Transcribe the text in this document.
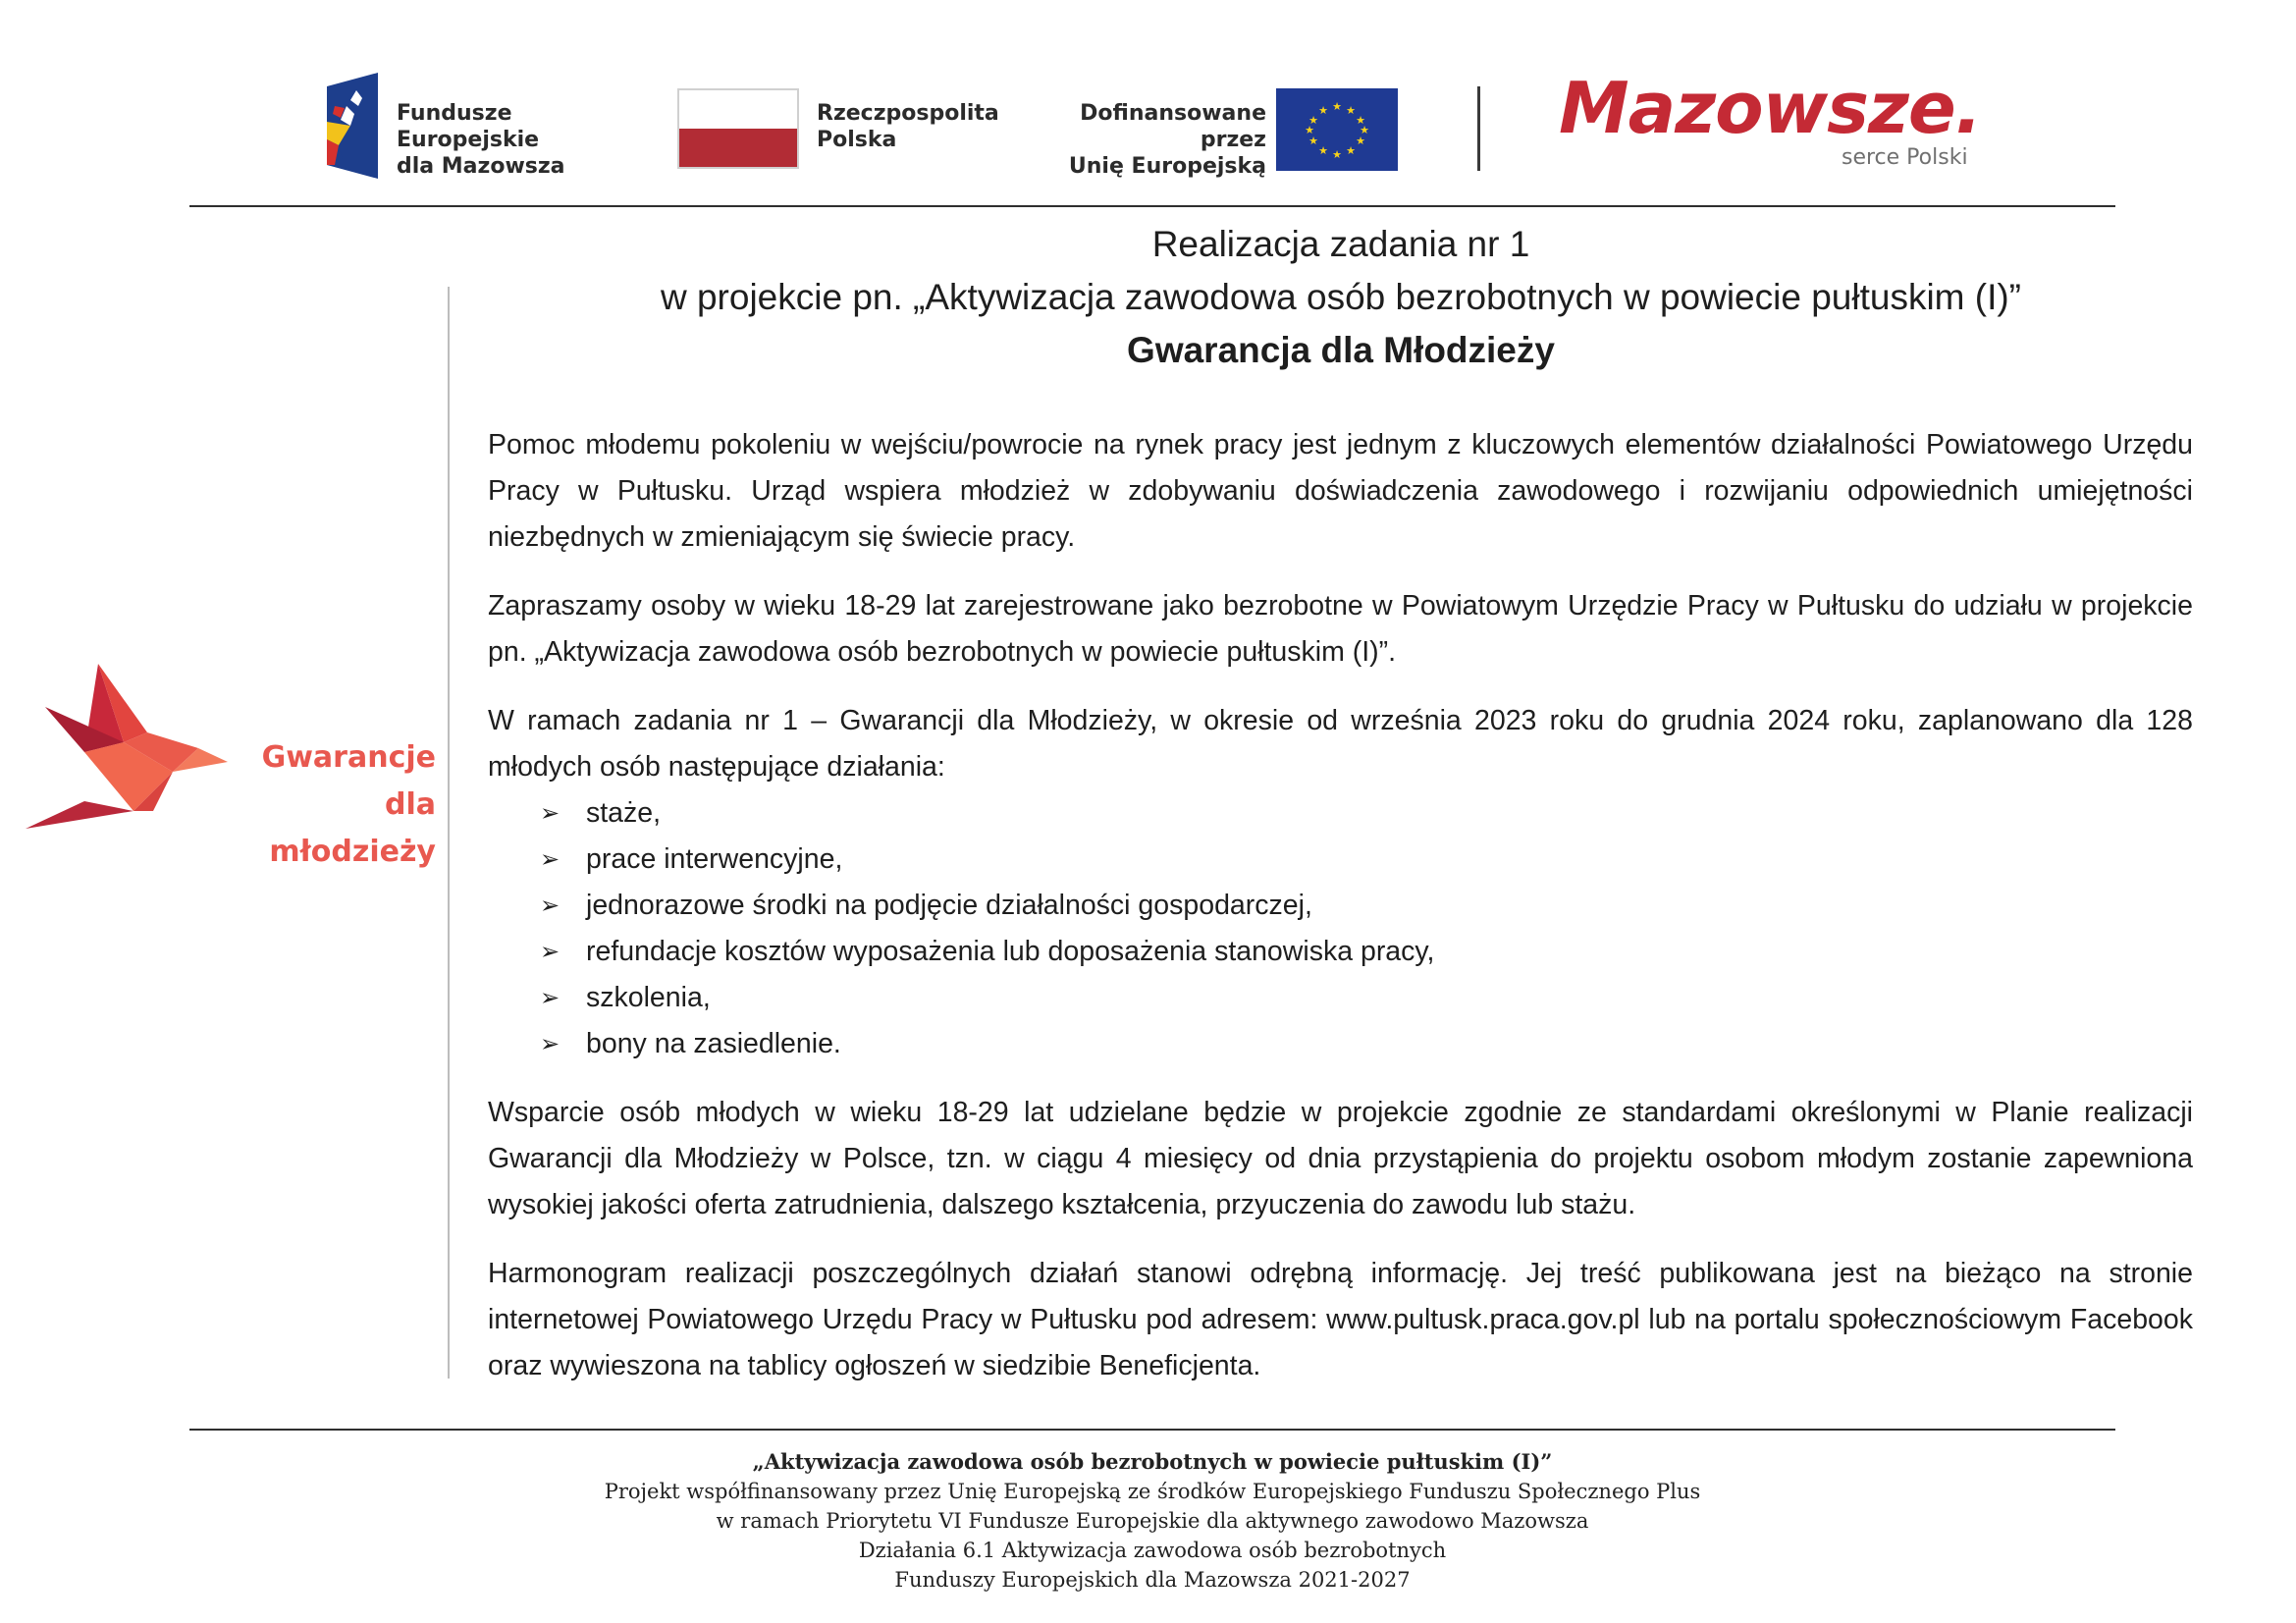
Fundusze Europejskie
dla Mazowsza
Rzeczpospolita
Polska
Dofinansowane przez
Unię Europejską
★ ★
★
★
★
★
★
★
★
★
★
★	Mazowsze.
serce Polski
Gwarancje
dla młodzieży
Realizacja zadania nr 1
w projekcie pn. „Aktywizacja zawodowa osób bezrobotnych w powiecie pułtuskim (I)”
Gwarancja dla Młodzieży

Pomoc młodemu pokoleniu w wejściu/powrocie na rynek pracy jest jednym z kluczowych elementów działalności Powiatowego Urzędu Pracy w Pułtusku. Urząd wspiera młodzież w zdobywaniu doświadczenia zawodowego i rozwijaniu odpowiednich umiejętności niezbędnych w zmieniającym się świecie pracy.

Zapraszamy osoby w wieku 18-29 lat zarejestrowane jako bezrobotne w Powiatowym Urzędzie Pracy w Pułtusku do udziału w projekcie pn. „Aktywizacja zawodowa osób bezrobotnych w powiecie pułtuskim (I)”.

W ramach zadania nr 1 – Gwarancji dla Młodzieży, w okresie od września 2023 roku do grudnia 2024 roku, zaplanowano dla 128 młodych osób następujące działania:

➢ staże,
➢ prace interwencyjne,
➢ jednorazowe środki na podjęcie działalności gospodarczej,
➢ refundacje kosztów wyposażenia lub doposażenia stanowiska pracy,
➢ szkolenia,
➢ bony na zasiedlenie.

Wsparcie osób młodych w wieku 18-29 lat udzielane będzie w projekcie zgodnie ze standardami określonymi w Planie realizacji Gwarancji dla Młodzieży w Polsce, tzn. w ciągu 4 miesięcy od dnia przystąpienia do projektu osobom młodym zostanie zapewniona wysokiej jakości oferta zatrudnienia, dalszego kształcenia, przyuczenia do zawodu lub stażu.

Harmonogram realizacji poszczególnych działań stanowi odrębną informację. Jej treść publikowana jest na bieżąco na stronie internetowej Powiatowego Urzędu Pracy w Pułtusku pod adresem: www.pultusk.praca.gov.pl lub na portalu społecznościowym Facebook oraz wywieszona na tablicy ogłoszeń w siedzibie Beneficjenta.

„Aktywizacja zawodowa osób bezrobotnych w powiecie pułtuskim (I)”
Projekt współfinansowany przez Unię Europejską ze środków Europejskiego Funduszu Społecznego Plus
w ramach Priorytetu VI Fundusze Europejskie dla aktywnego zawodowo Mazowsza
Działania 6.1 Aktywizacja zawodowa osób bezrobotnych
Funduszy Europejskich dla Mazowsza 2021-2027
